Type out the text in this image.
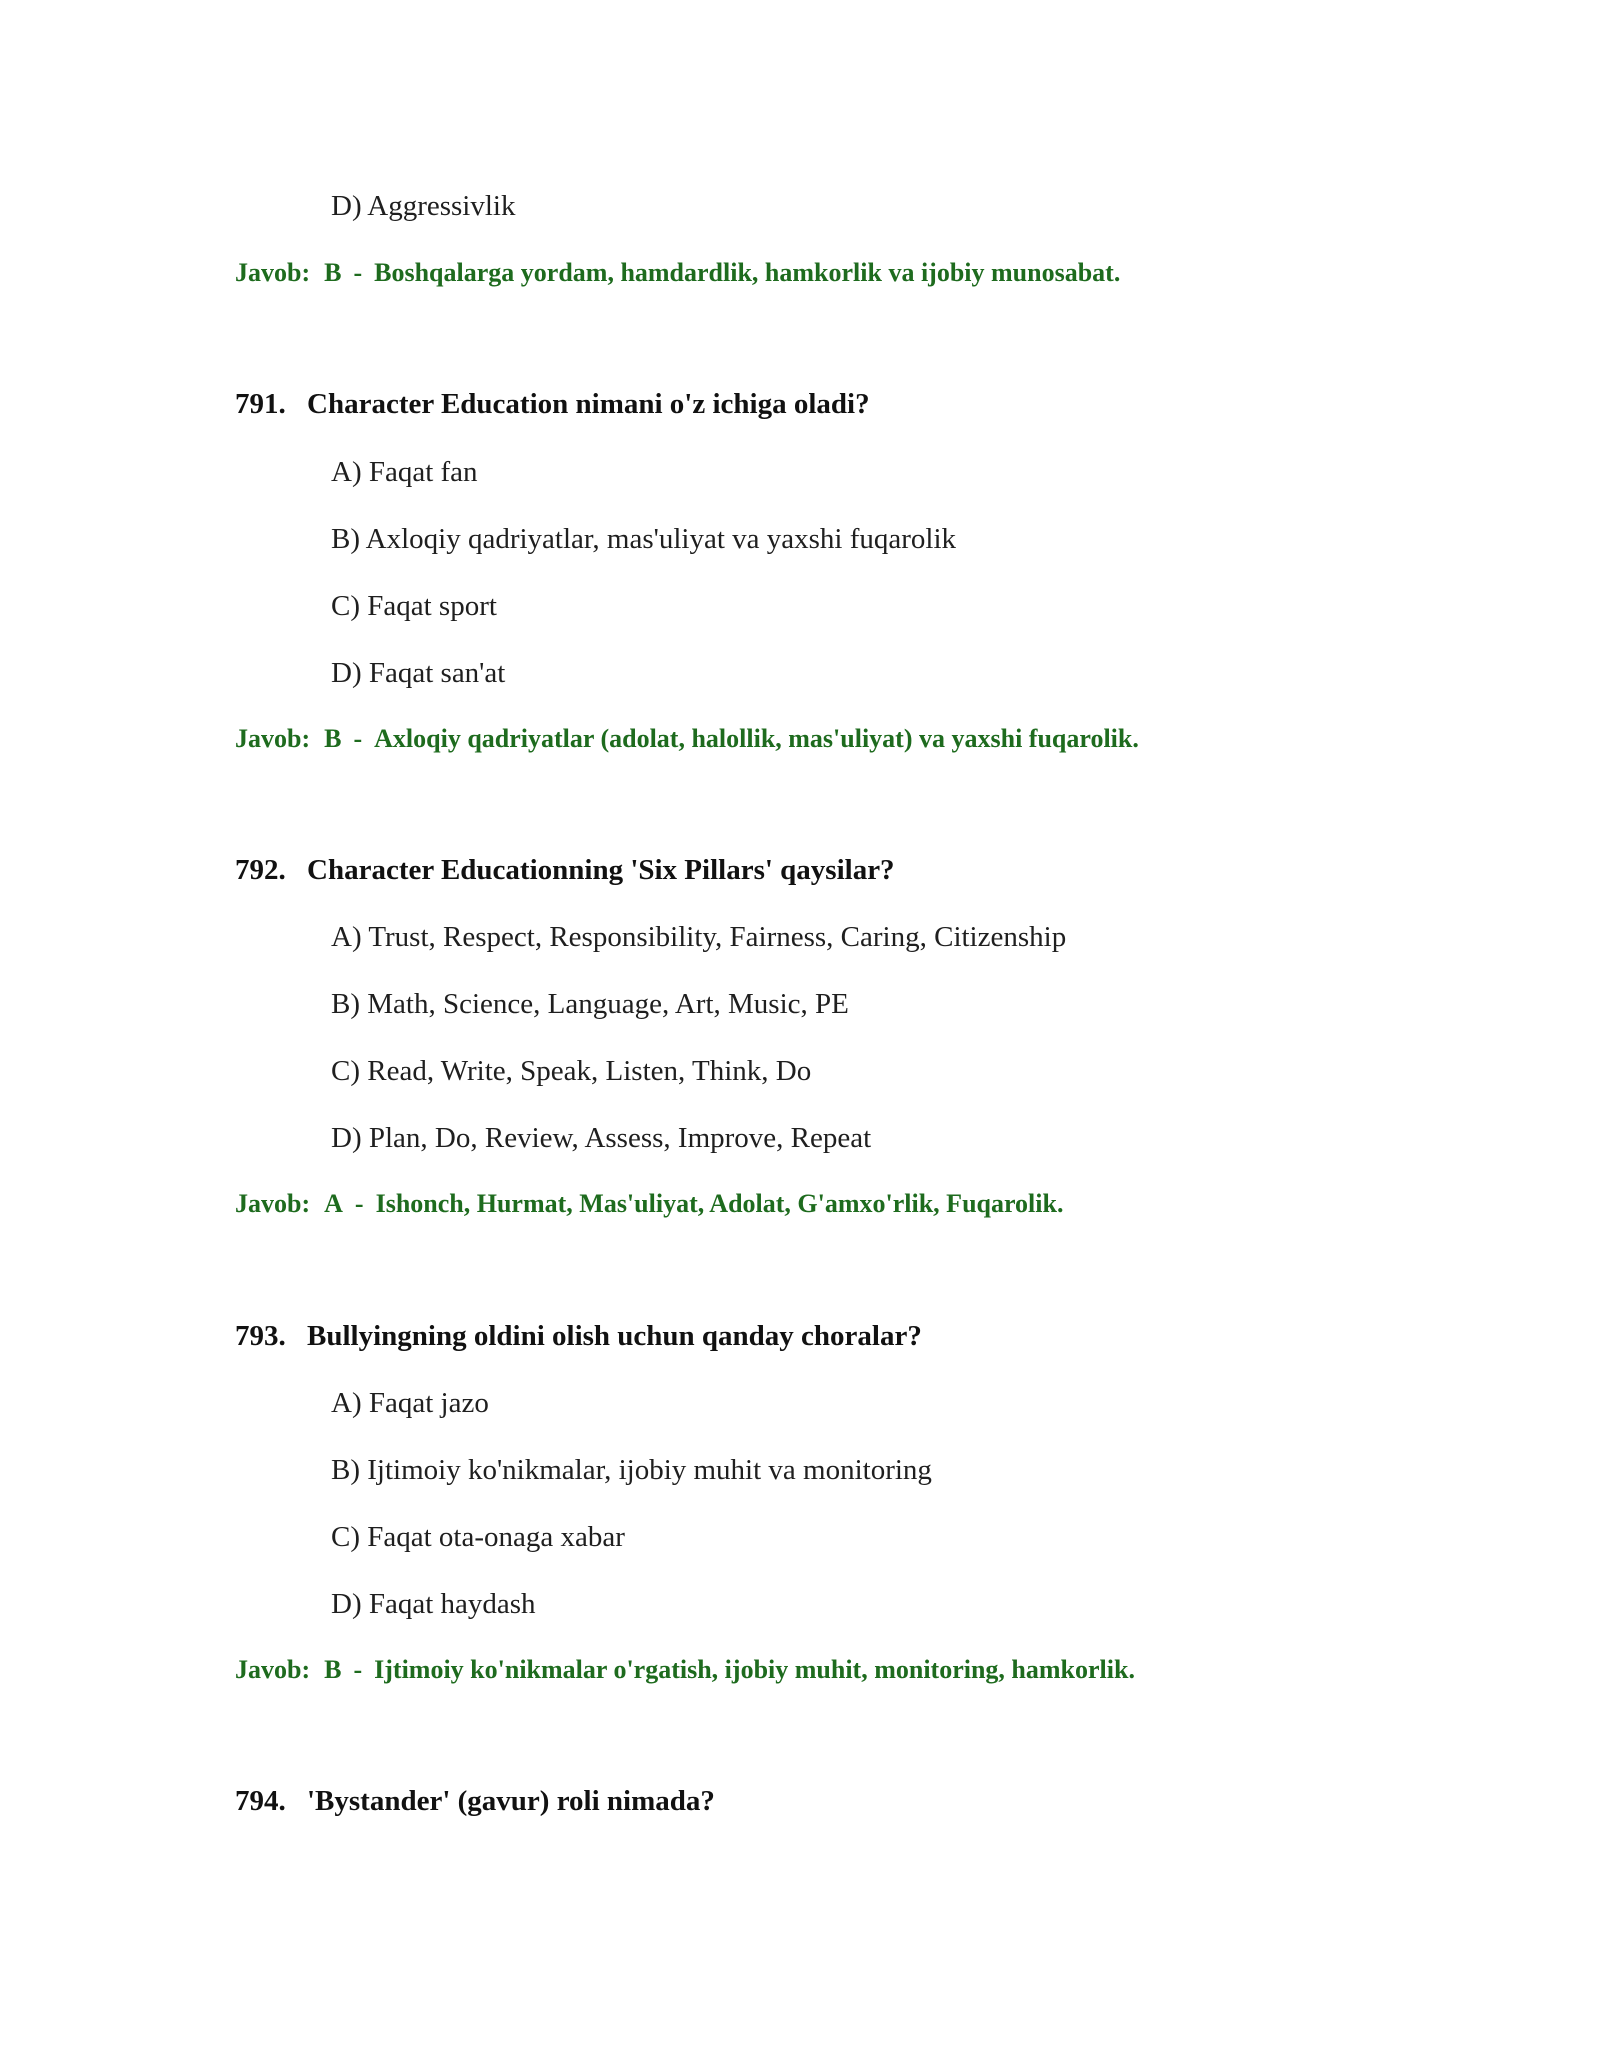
D) Aggressivlik
Javob: B - Boshqalarga yordam, hamdardlik, hamkorlik va ijobiy munosabat.
791. Character Education nimani o'z ichiga oladi?
A) Faqat fan
B) Axloqiy qadriyatlar, mas'uliyat va yaxshi fuqarolik
C) Faqat sport
D) Faqat san'at
Javob: B - Axloqiy qadriyatlar (adolat, halollik, mas'uliyat) va yaxshi fuqarolik.
792. Character Educationning 'Six Pillars' qaysilar?
A) Trust, Respect, Responsibility, Fairness, Caring, Citizenship
B) Math, Science, Language, Art, Music, PE
C) Read, Write, Speak, Listen, Think, Do
D) Plan, Do, Review, Assess, Improve, Repeat
Javob: A - Ishonch, Hurmat, Mas'uliyat, Adolat, G'amxo'rlik, Fuqarolik.
793. Bullyingning oldini olish uchun qanday choralar?
A) Faqat jazo
B) Ijtimoiy ko'nikmalar, ijobiy muhit va monitoring
C) Faqat ota-onaga xabar
D) Faqat haydash
Javob: B - Ijtimoiy ko'nikmalar o'rgatish, ijobiy muhit, monitoring, hamkorlik.
794. 'Bystander' (gavur) roli nimada?
